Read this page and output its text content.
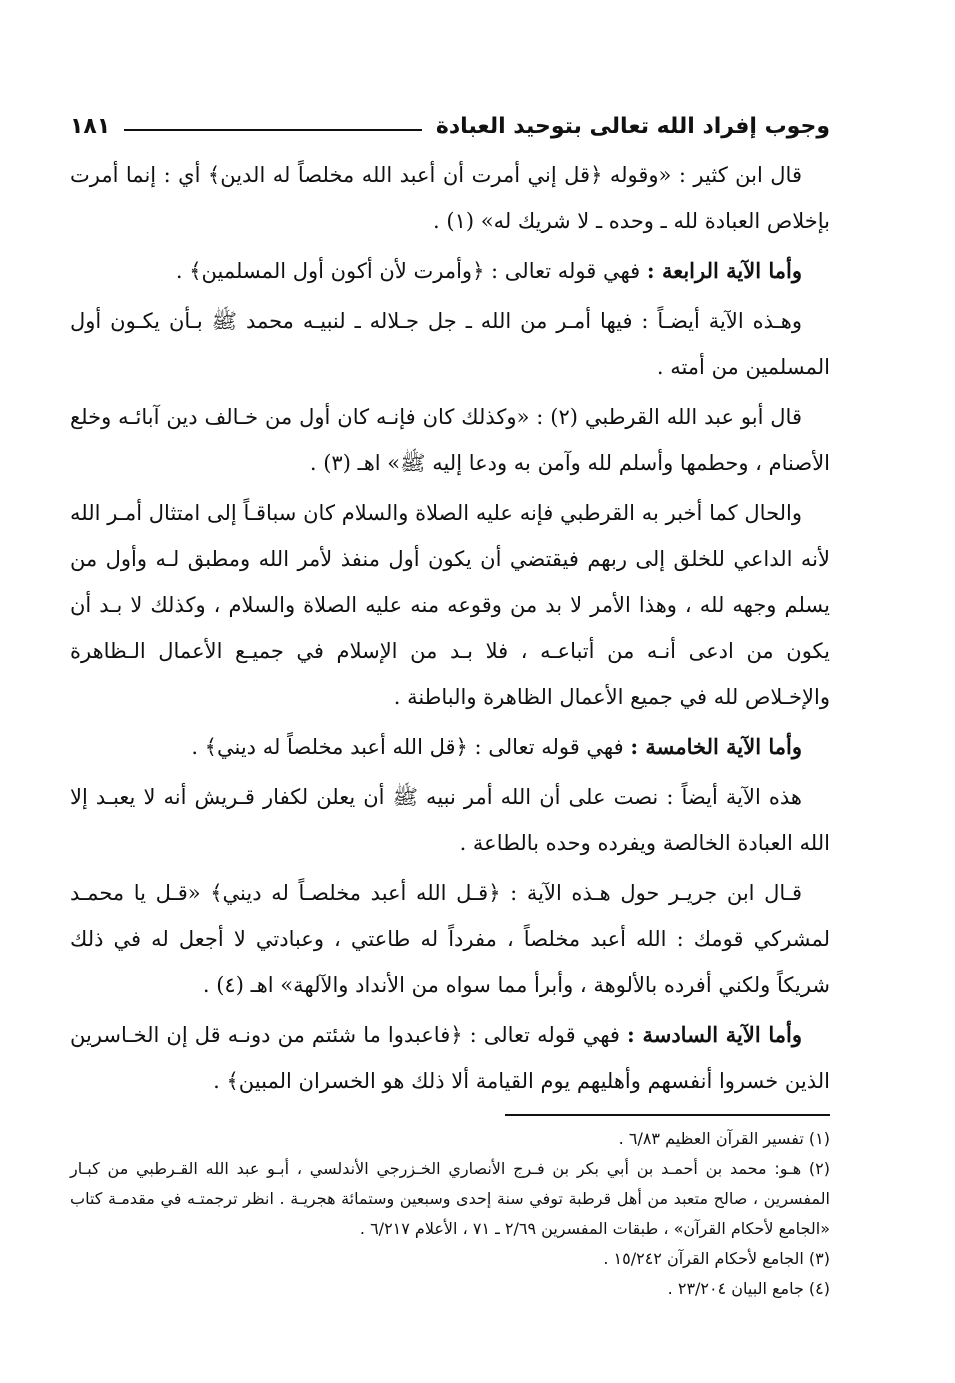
وجوب إفراد الله تعالى بتوحيد العبادة
١٨١

قال ابن كثير : «وقوله ﴿قل إني أمرت أن أعبد الله مخلصاً له الدين﴾ أي : إنما أمرت بإخلاص العبادة لله ـ وحده ـ لا شريك له» (١) .

وأما الآية الرابعة : فهي قوله تعالى : ﴿وأمرت لأن أكون أول المسلمين﴾ .

وهـذه الآية أيضـاً : فيها أمـر من الله ـ جل جـلاله ـ لنبيـه محمد ﷺ بـأن يكـون أول المسلمين من أمته .

قال أبو عبد الله القرطبي (٢) : «وكذلك كان فإنـه كان أول من خـالف دين آبائـه وخلع الأصنام ، وحطمها وأسلم لله وآمن به ودعا إليه ﷺ» اهـ (٣) .

والحال كما أخبر به القرطبي فإنه عليه الصلاة والسلام كان سباقـاً إلى امتثال أمـر الله لأنه الداعي للخلق إلى ربهم فيقتضي أن يكون أول منفذ لأمر الله ومطبق لـه وأول من يسلم وجهه لله ، وهذا الأمر لا بد من وقوعه منه عليه الصلاة والسلام ، وكذلك لا بـد أن يكون من ادعى أنـه من أتباعـه ، فلا بـد من الإسلام في جميـع الأعمال الـظاهرة والإخـلاص لله في جميع الأعمال الظاهرة والباطنة .

وأما الآية الخامسة : فهي قوله تعالى : ﴿قل الله أعبد مخلصاً له ديني﴾ .

هذه الآية أيضاً : نصت على أن الله أمر نبيه ﷺ أن يعلن لكفار قـريش أنه لا يعبـد إلا الله العبادة الخالصة ويفرده وحده بالطاعة .

قـال ابن جريـر حول هـذه الآية : ﴿قـل الله أعبد مخلصـاً له ديني﴾ «قـل يا محمـد لمشركي قومك : الله أعبد مخلصاً ، مفرداً له طاعتي ، وعبادتي لا أجعل له في ذلك شريكاً ولكني أفرده بالألوهة ، وأبرأ مما سواه من الأنداد والآلهة» اهـ (٤) .

وأما الآية السادسة : فهي قوله تعالى : ﴿فاعبدوا ما شئتم من دونـه قل إن الخـاسرين الذين خسروا أنفسهم وأهليهم يوم القيامة ألا ذلك هو الخسران المبين﴾ .

(١) تفسير القرآن العظيم ٦/٨٣ .

(٢) هـو: محمد بن أحمـد بن أبي بكر بن فـرج الأنصاري الخـزرجي الأندلسي ، أبـو عبد الله القـرطبي من كبـار المفسرين ، صالح متعبد من أهل قرطبة توفي سنة إحدى وسبعين وستمائة هجريـة . انظر ترجمتـه في مقدمـة كتاب «الجامع لأحكام القرآن» ، طبقات المفسرين ٢/٦٩ ـ ٧١ ، الأعلام ٦/٢١٧ .

(٣) الجامع لأحكام القرآن ١٥/٢٤٢ .

(٤) جامع البيان ٢٣/٢٠٤ .
